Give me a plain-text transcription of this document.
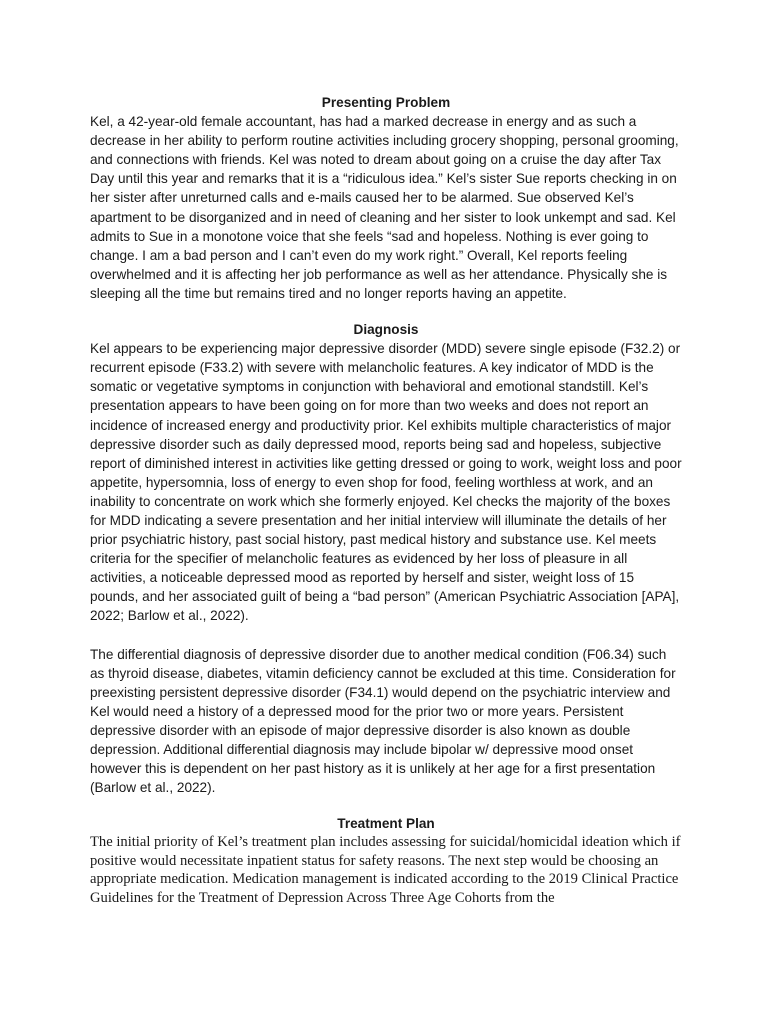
Presenting Problem

Kel, a 42-year-old female accountant, has had a marked decrease in energy and as such a decrease in her ability to perform routine activities including grocery shopping, personal grooming, and connections with friends. Kel was noted to dream about going on a cruise the day after Tax Day until this year and remarks that it is a “ridiculous idea.” Kel’s sister Sue reports checking in on her sister after unreturned calls and e-mails caused her to be alarmed. Sue observed Kel’s apartment to be disorganized and in need of cleaning and her sister to look unkempt and sad. Kel admits to Sue in a monotone voice that she feels “sad and hopeless. Nothing is ever going to change. I am a bad person and I can’t even do my work right.” Overall, Kel reports feeling overwhelmed and it is affecting her job performance as well as her attendance. Physically she is sleeping all the time but remains tired and no longer reports having an appetite.

Diagnosis

Kel appears to be experiencing major depressive disorder (MDD) severe single episode (F32.2) or recurrent episode (F33.2) with severe with melancholic features. A key indicator of MDD is the somatic or vegetative symptoms in conjunction with behavioral and emotional standstill. Kel’s presentation appears to have been going on for more than two weeks and does not report an incidence of increased energy and productivity prior. Kel exhibits multiple characteristics of major depressive disorder such as daily depressed mood, reports being sad and hopeless, subjective report of diminished interest in activities like getting dressed or going to work, weight loss and poor appetite, hypersomnia, loss of energy to even shop for food, feeling worthless at work, and an inability to concentrate on work which she formerly enjoyed. Kel checks the majority of the boxes for MDD indicating a severe presentation and her initial interview will illuminate the details of her prior psychiatric history, past social history, past medical history and substance use. Kel meets criteria for the specifier of melancholic features as evidenced by her loss of pleasure in all activities, a noticeable depressed mood as reported by herself and sister, weight loss of 15 pounds, and her associated guilt of being a “bad person” (American Psychiatric Association [APA], 2022; Barlow et al., 2022).

The differential diagnosis of depressive disorder due to another medical condition (F06.34) such as thyroid disease, diabetes, vitamin deficiency cannot be excluded at this time. Consideration for preexisting persistent depressive disorder (F34.1) would depend on the psychiatric interview and Kel would need a history of a depressed mood for the prior two or more years. Persistent depressive disorder with an episode of major depressive disorder is also known as double depression. Additional differential diagnosis may include bipolar w/ depressive mood onset however this is dependent on her past history as it is unlikely at her age for a first presentation (Barlow et al., 2022).

Treatment Plan

The initial priority of Kel’s treatment plan includes assessing for suicidal/homicidal ideation which if positive would necessitate inpatient status for safety reasons. The next step would be choosing an appropriate medication. Medication management is indicated according to the 2019 Clinical Practice Guidelines for the Treatment of Depression Across Three Age Cohorts from the
